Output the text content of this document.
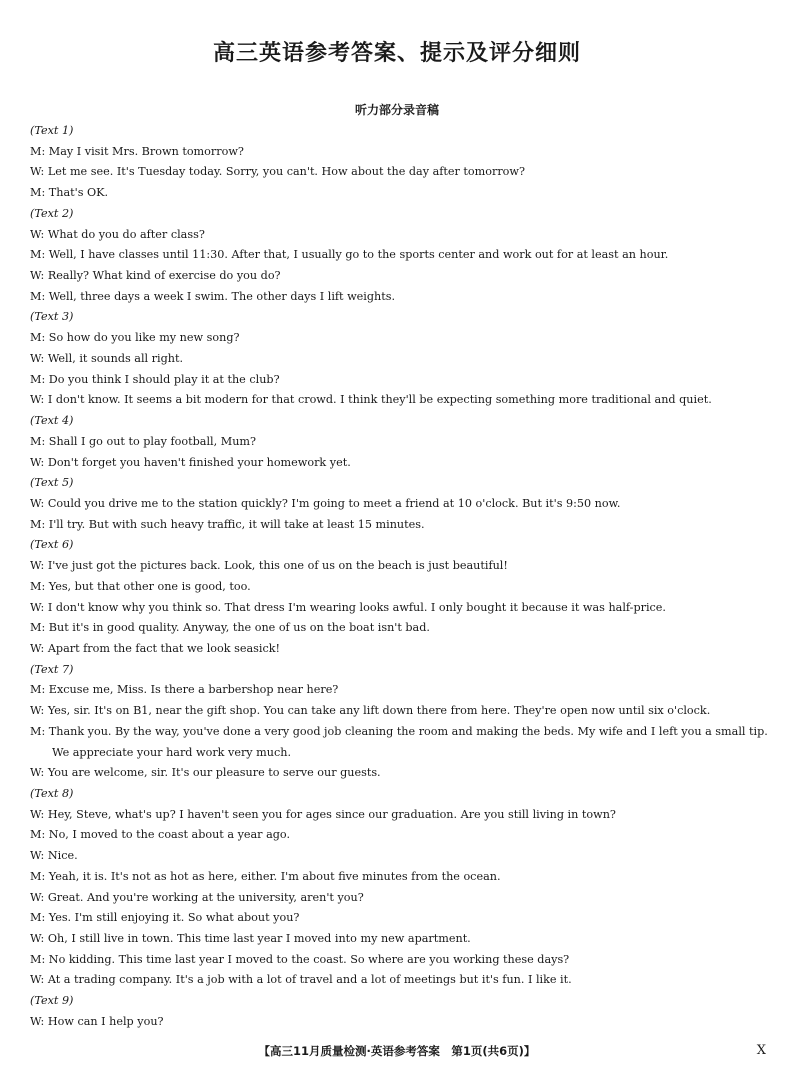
高三英语参考答案、提示及评分细则
听力部分录音稿
(Text 1)
M: May I visit Mrs. Brown tomorrow?
W: Let me see. It's Tuesday today. Sorry, you can't. How about the day after tomorrow?
M: That's OK.
(Text 2)
W: What do you do after class?
M: Well, I have classes until 11:30. After that, I usually go to the sports center and work out for at least an hour.
W: Really? What kind of exercise do you do?
M: Well, three days a week I swim. The other days I lift weights.
(Text 3)
M: So how do you like my new song?
W: Well, it sounds all right.
M: Do you think I should play it at the club?
W: I don't know. It seems a bit modern for that crowd. I think they'll be expecting something more traditional and quiet.
(Text 4)
M: Shall I go out to play football, Mum?
W: Don't forget you haven't finished your homework yet.
(Text 5)
W: Could you drive me to the station quickly? I'm going to meet a friend at 10 o'clock. But it's 9:50 now.
M: I'll try. But with such heavy traffic, it will take at least 15 minutes.
(Text 6)
W: I've just got the pictures back. Look, this one of us on the beach is just beautiful!
M: Yes, but that other one is good, too.
W: I don't know why you think so. That dress I'm wearing looks awful. I only bought it because it was half-price.
M: But it's in good quality. Anyway, the one of us on the boat isn't bad.
W: Apart from the fact that we look seasick!
(Text 7)
M: Excuse me, Miss. Is there a barbershop near here?
W: Yes, sir. It's on B1, near the gift shop. You can take any lift down there from here. They're open now until six o'clock.
M: Thank you. By the way, you've done a very good job cleaning the room and making the beds. My wife and I left you a small tip.
We appreciate your hard work very much.
W: You are welcome, sir. It's our pleasure to serve our guests.
(Text 8)
W: Hey, Steve, what's up? I haven't seen you for ages since our graduation. Are you still living in town?
M: No, I moved to the coast about a year ago.
W: Nice.
M: Yeah, it is. It's not as hot as here, either. I'm about five minutes from the ocean.
W: Great. And you're working at the university, aren't you?
M: Yes. I'm still enjoying it. So what about you?
W: Oh, I still live in town. This time last year I moved into my new apartment.
M: No kidding. This time last year I moved to the coast. So where are you working these days?
W: At a trading company. It's a job with a lot of travel and a lot of meetings but it's fun. I like it.
(Text 9)
W: How can I help you?
【高三11月质量检测·英语参考答案　第1页(共6页)】	X
